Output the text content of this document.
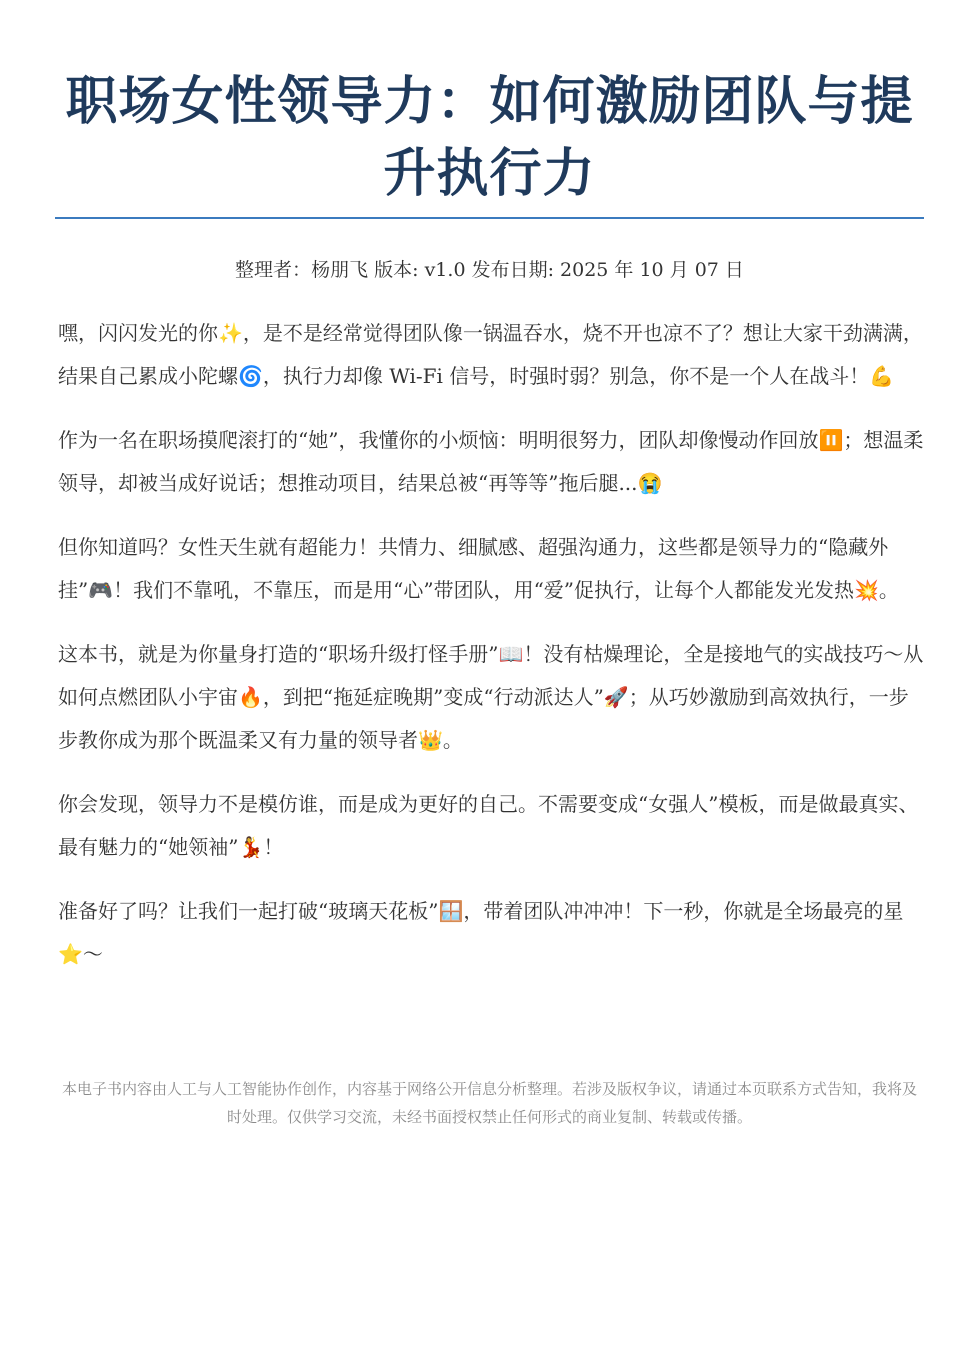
职场女性领导力：如何激励团队与提升执行力
整理者：杨朋飞 版本: v1.0 发布日期: 2025 年 10 月 07 日

嘿，闪闪发光的你✨，是不是经常觉得团队像一锅温吞水，烧不开也凉不了？想让大家干劲满满，结果自己累成小陀螺🌀，执行力却像 Wi-Fi 信号，时强时弱？别急，你不是一个人在战斗！💪

作为一名在职场摸爬滚打的“她”，我懂你的小烦恼：明明很努力，团队却像慢动作回放⏸️；想温柔领导，却被当成好说话；想推动项目，结果总被“再等等”拖后腿...😭

但你知道吗？女性天生就有超能力！共情力、细腻感、超强沟通力，这些都是领导力的“隐藏外挂”🎮！我们不靠吼，不靠压，而是用“心”带团队，用“爱”促执行，让每个人都能发光发热💥。

这本书，就是为你量身打造的“职场升级打怪手册”📖！没有枯燥理论，全是接地气的实战技巧～从如何点燃团队小宇宙🔥，到把“拖延症晚期”变成“行动派达人”🚀；从巧妙激励到高效执行，一步步教你成为那个既温柔又有力量的领导者👑。

你会发现，领导力不是模仿谁，而是成为更好的自己。不需要变成“女强人”模板，而是做最真实、最有魅力的“她领袖”💃！

准备好了吗？让我们一起打破“玻璃天花板”🪟，带着团队冲冲冲！下一秒，你就是全场最亮的星⭐～

本电子书内容由人工与人工智能协作创作，内容基于网络公开信息分析整理。若涉及版权争议，请通过本页联系方式告知，我将及时处理。仅供学习交流，未经书面授权禁止任何形式的商业复制、转载或传播。
